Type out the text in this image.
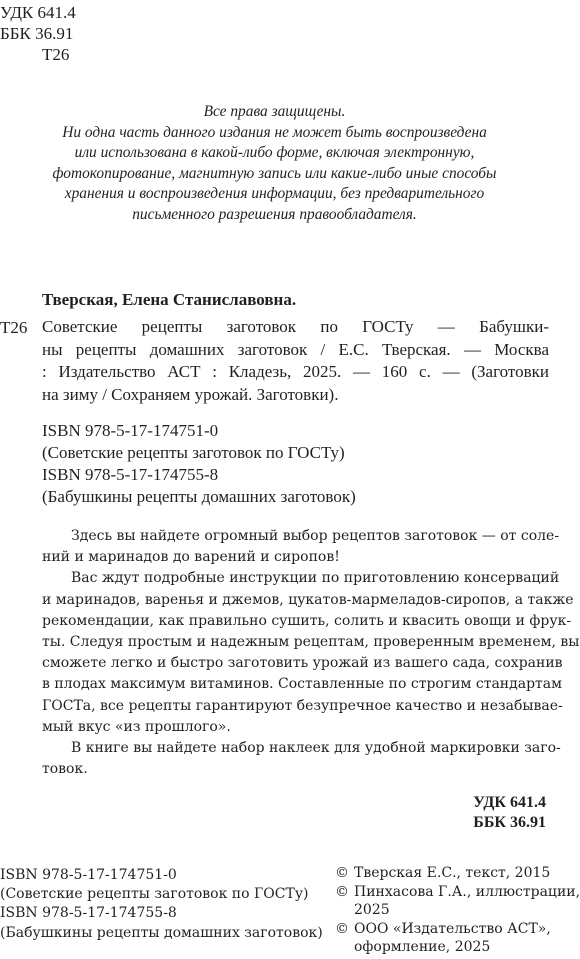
УДК 641.4
ББК 36.91
Т26
Все права защищены.
Ни одна часть данного издания не может быть воспроизведена
или использована в какой-либо форме, включая электронную,
фотокопирование, магнитную запись или какие-либо иные способы
хранения и воспроизведения информации, без предварительного
письменного разрешения правообладателя.
Тверская, Елена Станиславовна.
Т26 Советские рецепты заготовок по ГОСТу — Бабушки-
ны рецепты домашних заготовок / Е.С. Тверская. — Москва
: Издательство АСТ : Кладезь, 2025. — 160 с. — (Заготовки
на зиму / Сохраняем урожай. Заготовки).
ISBN 978-5-17-174751-0
(Советские рецепты заготовок по ГОСТу)
ISBN 978-5-17-174755-8
(Бабушкины рецепты домашних заготовок)
Здесь вы найдете огромный выбор рецептов заготовок — от соле-
ний и маринадов до варений и сиропов!
Вас ждут подробные инструкции по приготовлению консерваций
и маринадов, варенья и джемов, цукатов-мармеладов-сиропов, а также
рекомендации, как правильно сушить, солить и квасить овощи и фрук-
ты. Следуя простым и надежным рецептам, проверенным временем, вы
сможете легко и быстро заготовить урожай из вашего сада, сохранив
в плодах максимум витаминов. Составленные по строгим стандартам
ГОСТа, все рецепты гарантируют безупречное качество и незабывае-
мый вкус «из прошлого».
В книге вы найдете набор наклеек для удобной маркировки заго-
товок.
УДК 641.4
ББК 36.91
ISBN 978-5-17-174751-0
(Советские рецепты заготовок по ГОСТу)
ISBN 978-5-17-174755-8
(Бабушкины рецепты домашних заготовок)
© Тверская Е.С., текст, 2015
© Пинхасова Г.А., иллюстрации,
2025
© ООО «Издательство АСТ»,
оформление, 2025
